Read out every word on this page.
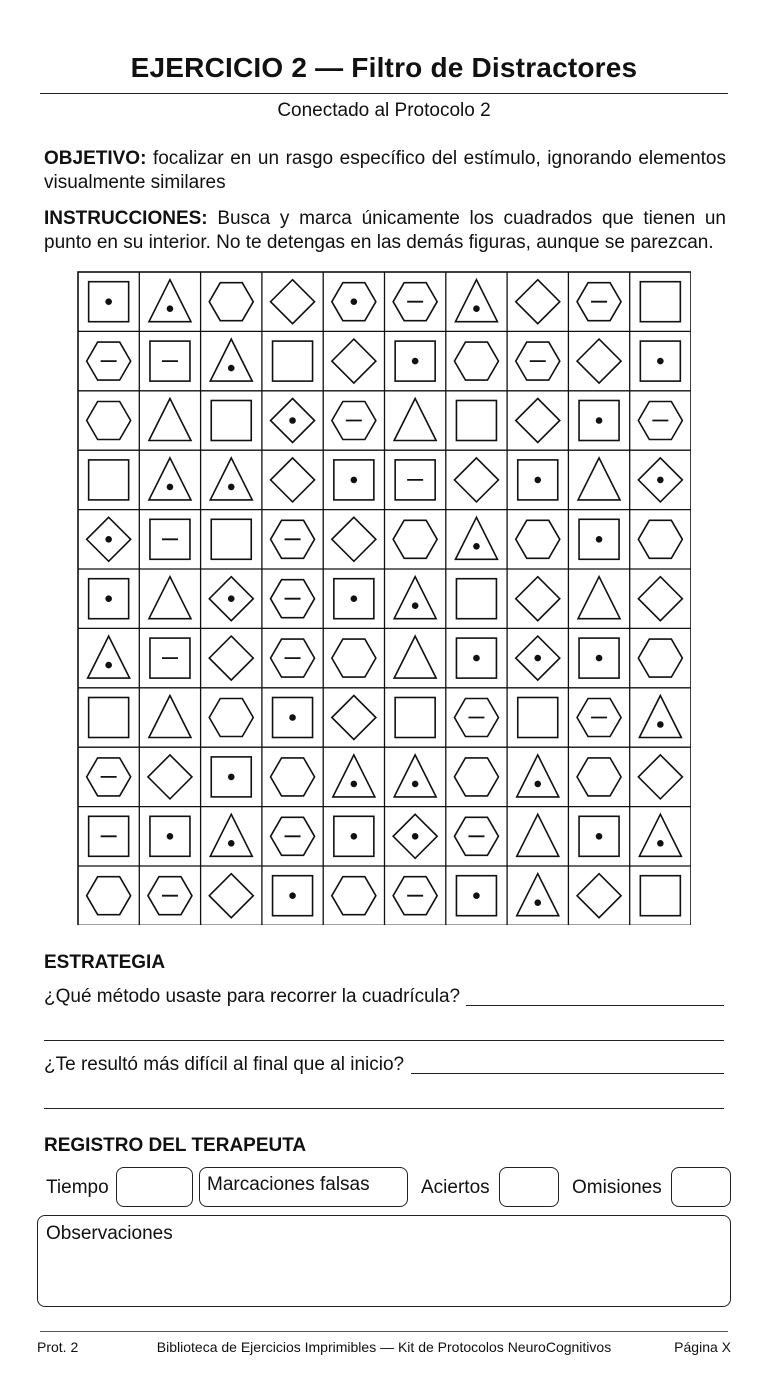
EJERCICIO 2 — Filtro de Distractores
Conectado al Protocolo 2
OBJETIVO: focalizar en un rasgo específico del estímulo, ignorando elementos visualmente similares
INSTRUCCIONES: Busca y marca únicamente los cuadrados que tienen un punto en su interior. No te detengas en las demás figuras, aunque se parezcan.
ESTRATEGIA
¿Qué método usaste para recorrer la cuadrícula?
¿Te resultó más difícil al final que al inicio?
REGISTRO DEL TERAPEUTA
Tiempo	Marcaciones falsas	Aciertos	Omisiones
Observaciones
Prot. 2	Biblioteca de Ejercicios Imprimibles — Kit de Protocolos NeuroCognitivos	Página X
